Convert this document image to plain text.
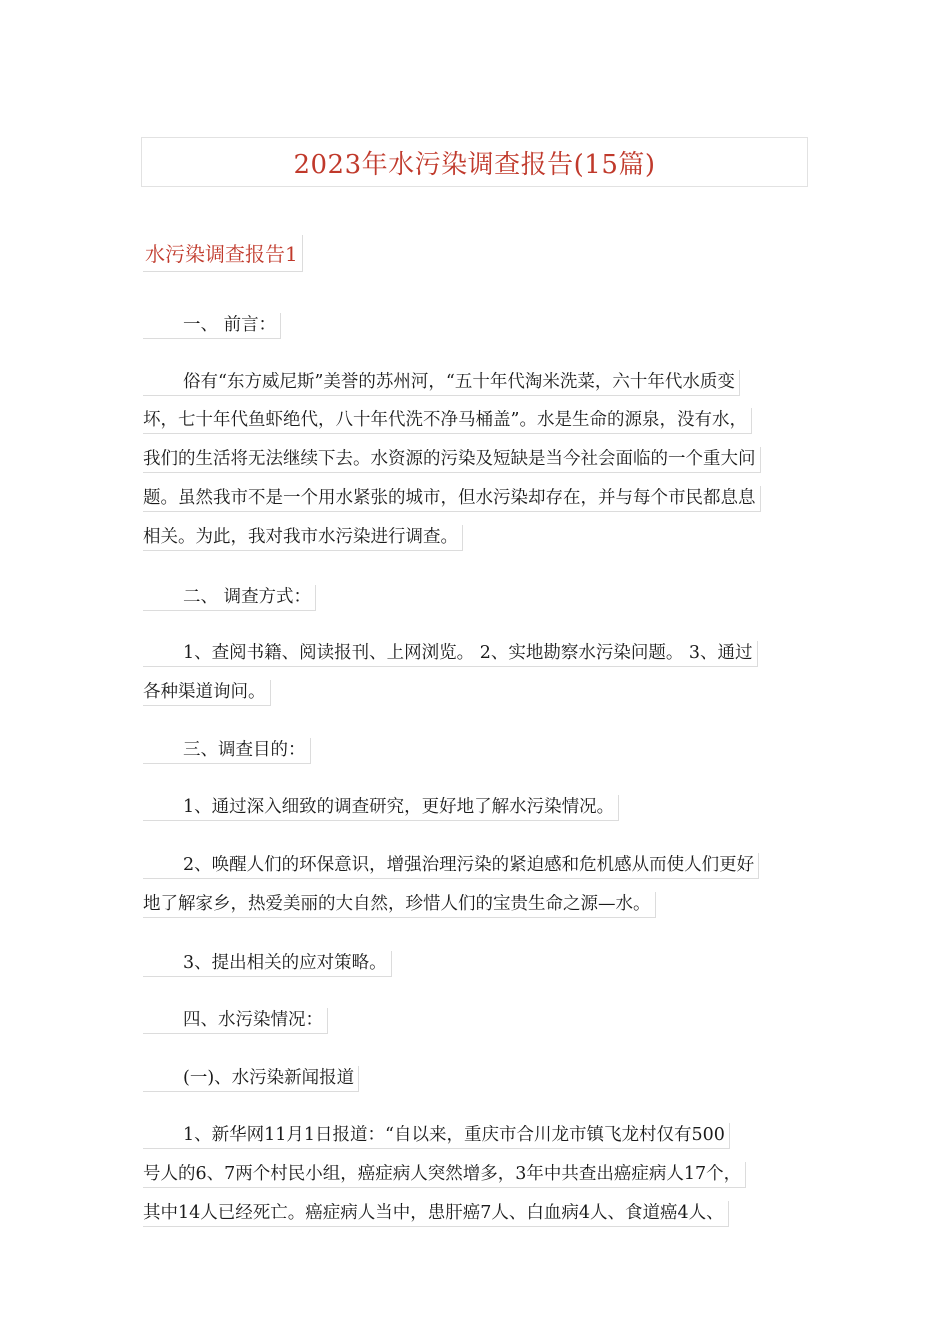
2023年水污染调查报告(15篇)
水污染调查报告1
一、 前言：
俗有“东方威尼斯”美誉的苏州河，“五十年代淘米洗菜，六十年代水质变
坏，七十年代鱼虾绝代，八十年代洗不净马桶盖”。水是生命的源泉，没有水，
我们的生活将无法继续下去。水资源的污染及短缺是当今社会面临的一个重大问
题。虽然我市不是一个用水紧张的城市，但水污染却存在，并与每个市民都息息
相关。为此，我对我市水污染进行调查。
二、 调查方式：
1、查阅书籍、阅读报刊、上网浏览。 2、实地勘察水污染问题。 3、通过
各种渠道询问。
三、调查目的：
1、通过深入细致的调查研究，更好地了解水污染情况。
2、唤醒人们的环保意识，增强治理污染的紧迫感和危机感从而使人们更好
地了解家乡，热爱美丽的大自然，珍惜人们的宝贵生命之源—水。
3、提出相关的应对策略。
四、水污染情况：
(一)、水污染新闻报道
1、新华网11月1日报道：“自以来，重庆市合川龙市镇飞龙村仅有500
号人的6、7两个村民小组，癌症病人突然增多，3年中共查出癌症病人17个，
其中14人已经死亡。癌症病人当中，患肝癌7人、白血病4人、食道癌4人、
